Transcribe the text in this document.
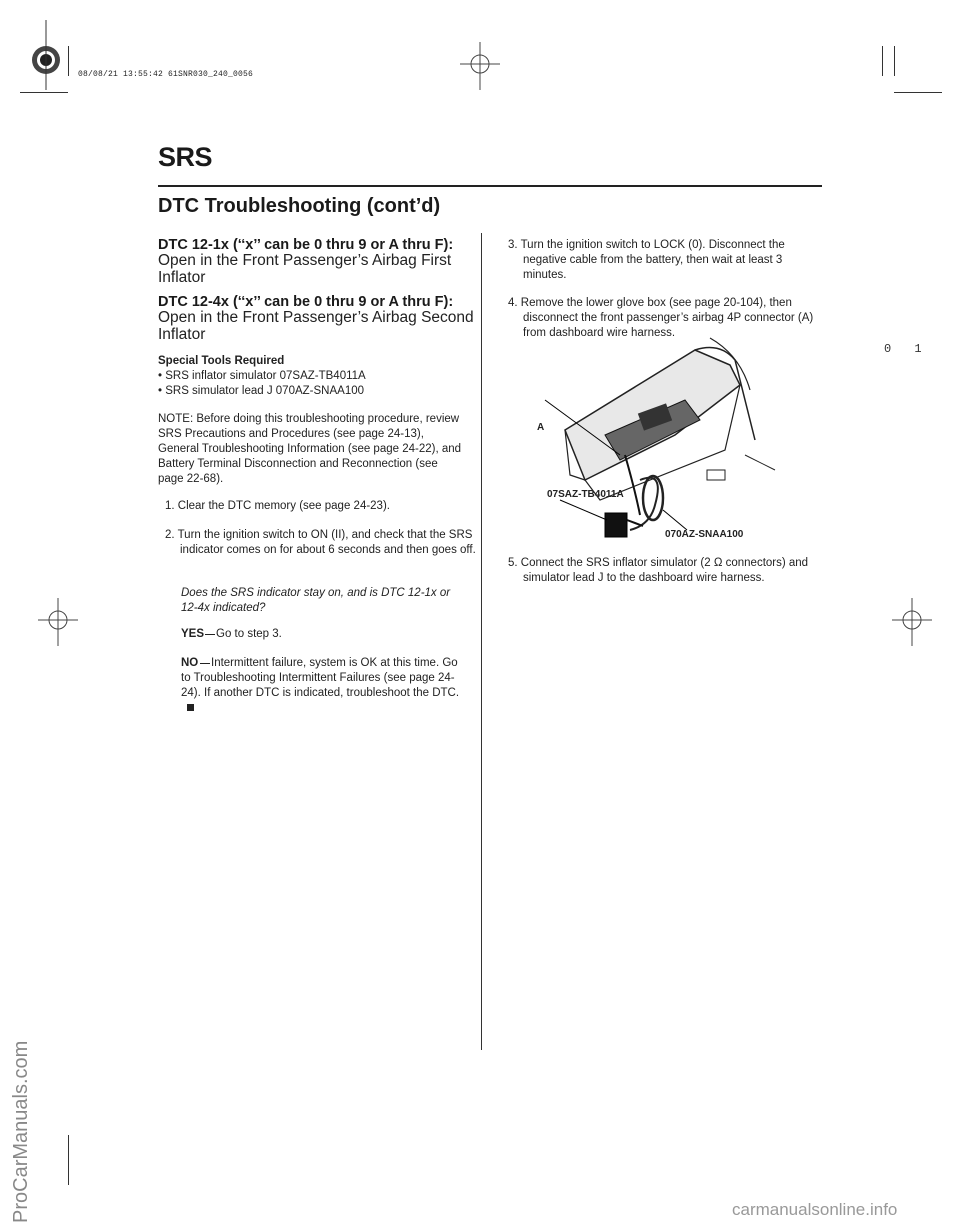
08/08/21 13:55:42 61SNR030_240_0056
SRS
DTC Troubleshooting (cont’d)
0 1
DTC 12-1x (‘‘x’’ can be 0 thru 9 or A thru F):
Open in the Front Passenger’s Airbag First Inflator
DTC 12-4x (‘‘x’’ can be 0 thru 9 or A thru F):
Open in the Front Passenger’s Airbag Second Inflator
Special Tools Required
• SRS inflator simulator 07SAZ-TB4011A
• SRS simulator lead J 070AZ-SNAA100
NOTE: Before doing this troubleshooting procedure, review SRS Precautions and Procedures (see page 24-13), General Troubleshooting Information (see page 24-22), and Battery Terminal Disconnection and Reconnection (see page 22-68).
1. Clear the DTC memory (see page 24-23).
2. Turn the ignition switch to ON (II), and check that the SRS indicator comes on for about 6 seconds and then goes off.
Does the SRS indicator stay on, and is DTC 12-1x or 12-4x indicated?
YES Go to step 3.
NO	Intermittent failure, system is OK at this time. Go to Troubleshooting Intermittent Failures (see page 24-24). If another DTC is indicated, troubleshoot the DTC.
3. Turn the ignition switch to LOCK (0). Disconnect the negative cable from the battery, then wait at least 3 minutes.
4. Remove the lower glove box (see page 20-104), then disconnect the front passenger’s airbag 4P connector (A) from dashboard wire harness.
A
07SAZ-TB4011A
070AZ-SNAA100
5. Connect the SRS inflator simulator (2 Ω connectors) and simulator lead J to the dashboard wire harness.
ProCarManuals.com	carmanualsonline.info
